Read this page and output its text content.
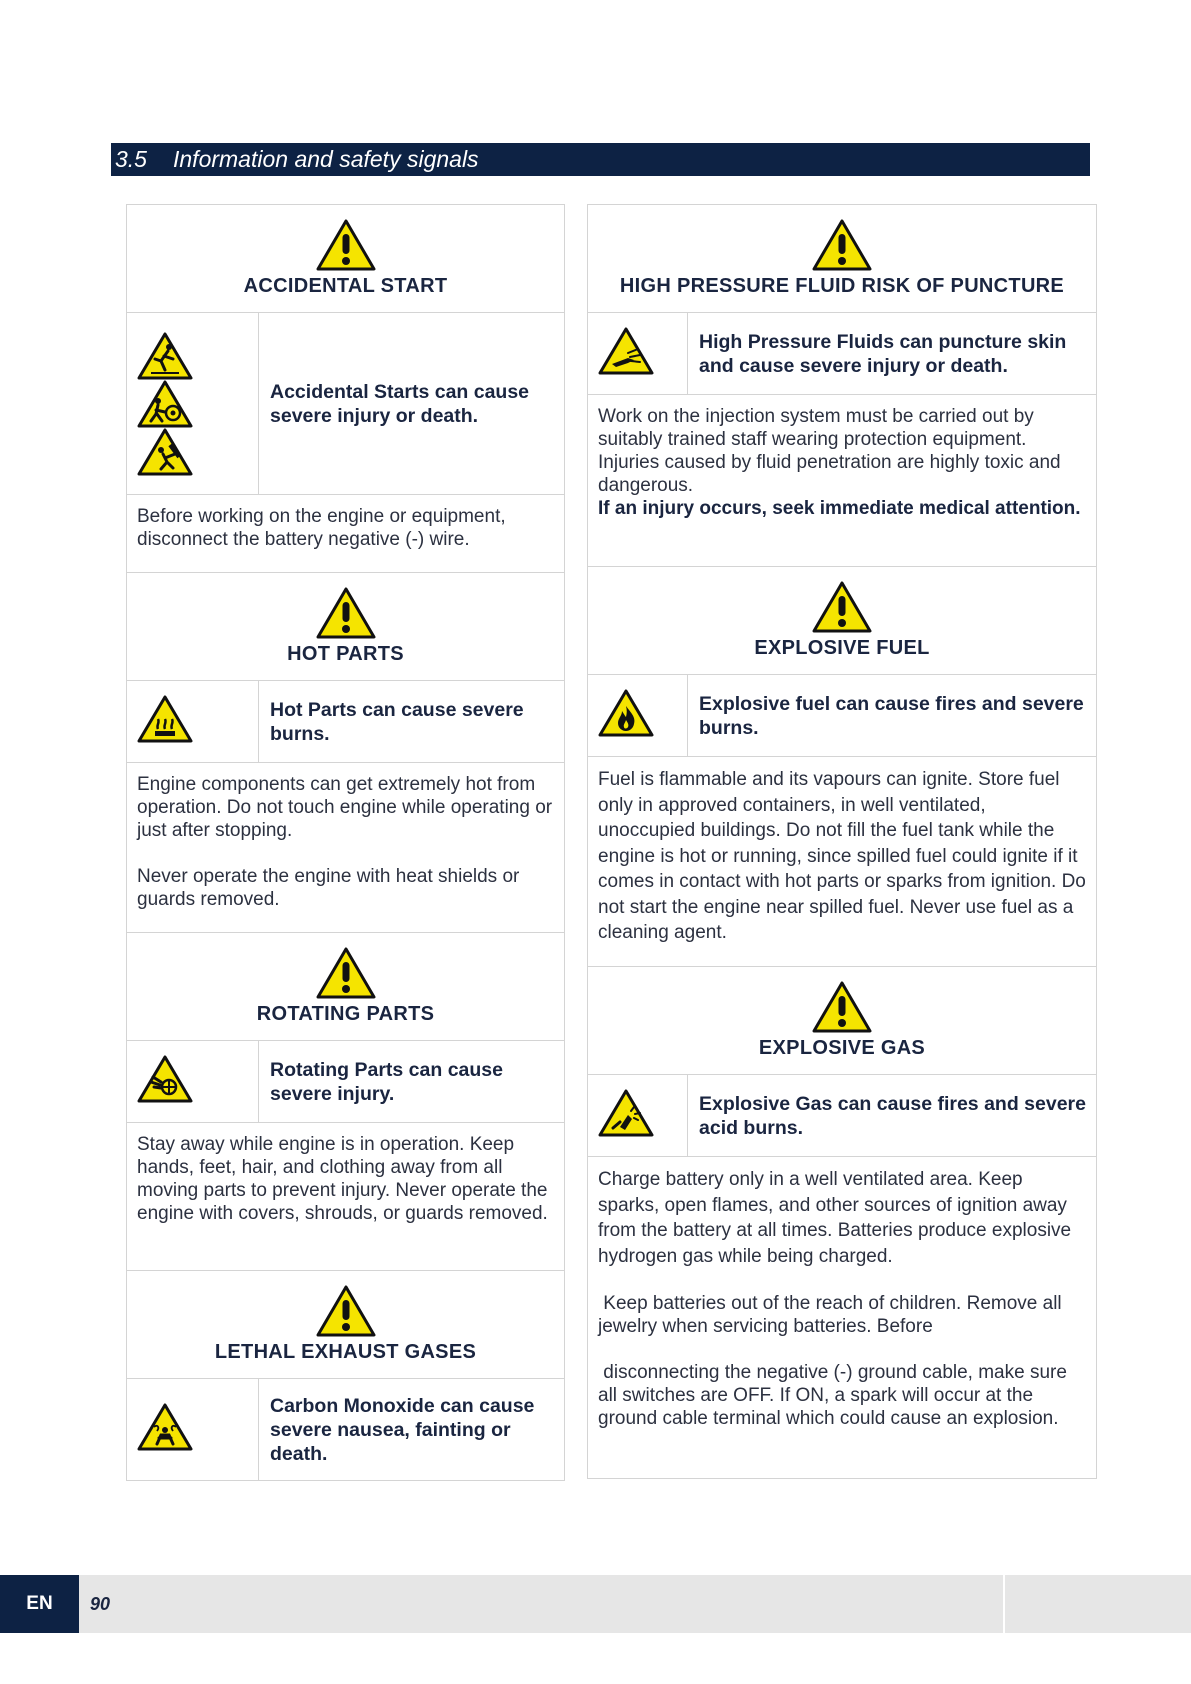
3.5 Information and safety signals
ACCIDENTAL START	

	Accidental Starts can cause severe injury or death.

Before working on the engine or equipment, disconnect the battery negative (-) wire.	

HOT PARTS	

	Hot Parts can cause severe burns.

Engine components can get extremely hot from operation. Do not touch engine while operating or just after stopping.

Never operate the engine with heat shields or guards removed.	

ROTATING PARTS	

	Rotating Parts can cause severe injury.

Stay away while engine is in operation. Keep hands, feet, hair, and clothing away from all moving parts to prevent injury. Never operate the engine with covers, shrouds, or guards removed.	

LETHAL EXHAUST GASES	

	Carbon Monoxide can cause severe nausea, fainting or death.
HIGH PRESSURE FLUID RISK OF PUNCTURE	

	High Pressure Fluids can puncture skin and cause severe injury or death.

Work on the injection system must be carried out by suitably trained staff wearing protection equipment. Injuries caused by fluid penetration are highly toxic and dangerous.

If an injury occurs, seek immediate medical attention.	

EXPLOSIVE FUEL	

	Explosive fuel can cause fires and severe burns.

Fuel is flammable and its vapours can ignite. Store fuel only in approved containers, in well ventilated, unoccupied buildings. Do not fill the fuel tank while the engine is hot or running, since spilled fuel could ignite if it comes in contact with hot parts or sparks from ignition. Do not start the engine near spilled fuel. Never use fuel as a cleaning agent.	

EXPLOSIVE GAS	

	Explosive Gas can cause fires and severe acid burns.

Charge battery only in a well ventilated area. Keep sparks, open flames, and other sources of ignition away from the battery at all times. Batteries produce explosive hydrogen gas while being charged.

Keep batteries out of the reach of children. Remove all jewelry when servicing batteries. Before

disconnecting the negative (-) ground cable, make sure all switches are OFF. If ON, a spark will occur at the ground cable terminal which could cause an explosion.	

EN	90
